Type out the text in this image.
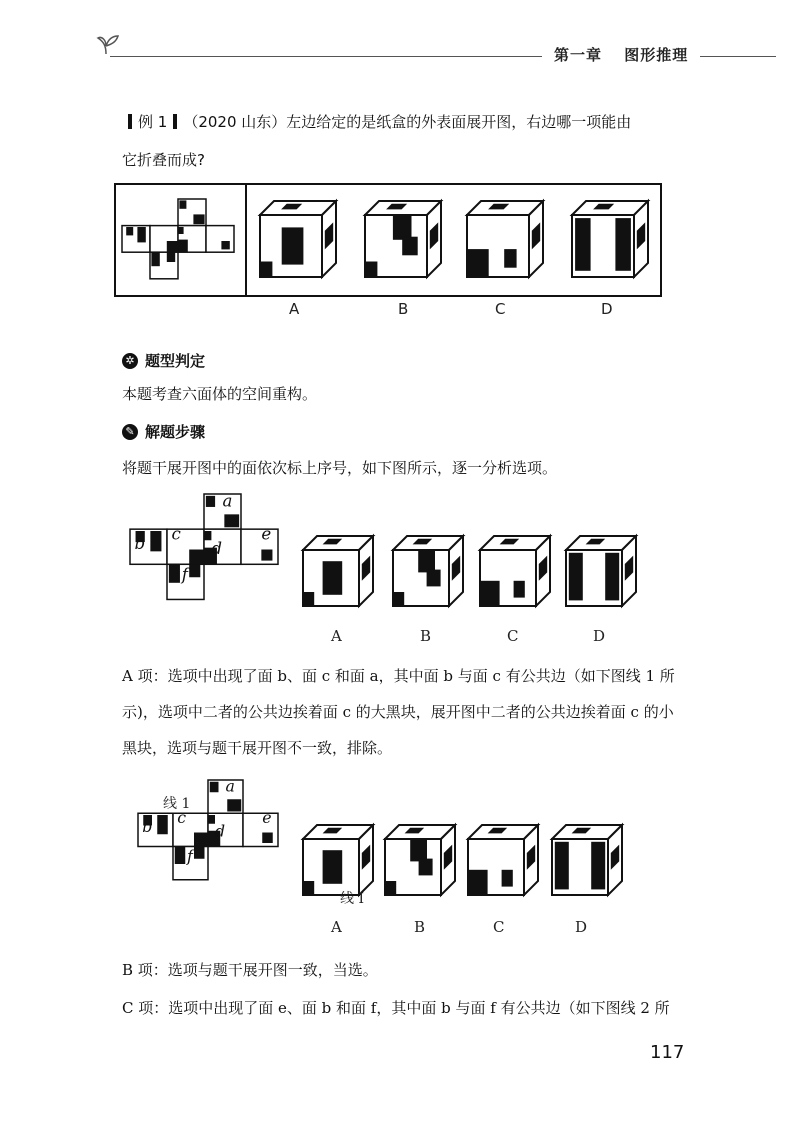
第一章 图形推理
例 1 （2020 山东）左边给定的是纸盒的外表面展开图，右边哪一项能由
它折叠而成?
A	B	C	D
✲ 题型判定
本题考查六面体的空间重构。
✎ 解题步骤
将题干展开图中的面依次标上序号，如下图所示，逐一分析选项。
a
b c
d
e
f
A	B	C	D
A 项：选项中出现了面 b、面 c 和面 a，其中面 b 与面 c 有公共边（如下图线 1 所
示)，选项中二者的公共边挨着面 c 的大黑块，展开图中二者的公共边挨着面 c 的小
黑块，选项与题干展开图不一致，排除。
线 1
a
b c
d
e
f
线 I
A	B	C	D
B 项：选项与题干展开图一致，当选。
C 项：选项中出现了面 e、面 b 和面 f，其中面 b 与面 f 有公共边（如下图线 2 所
117
